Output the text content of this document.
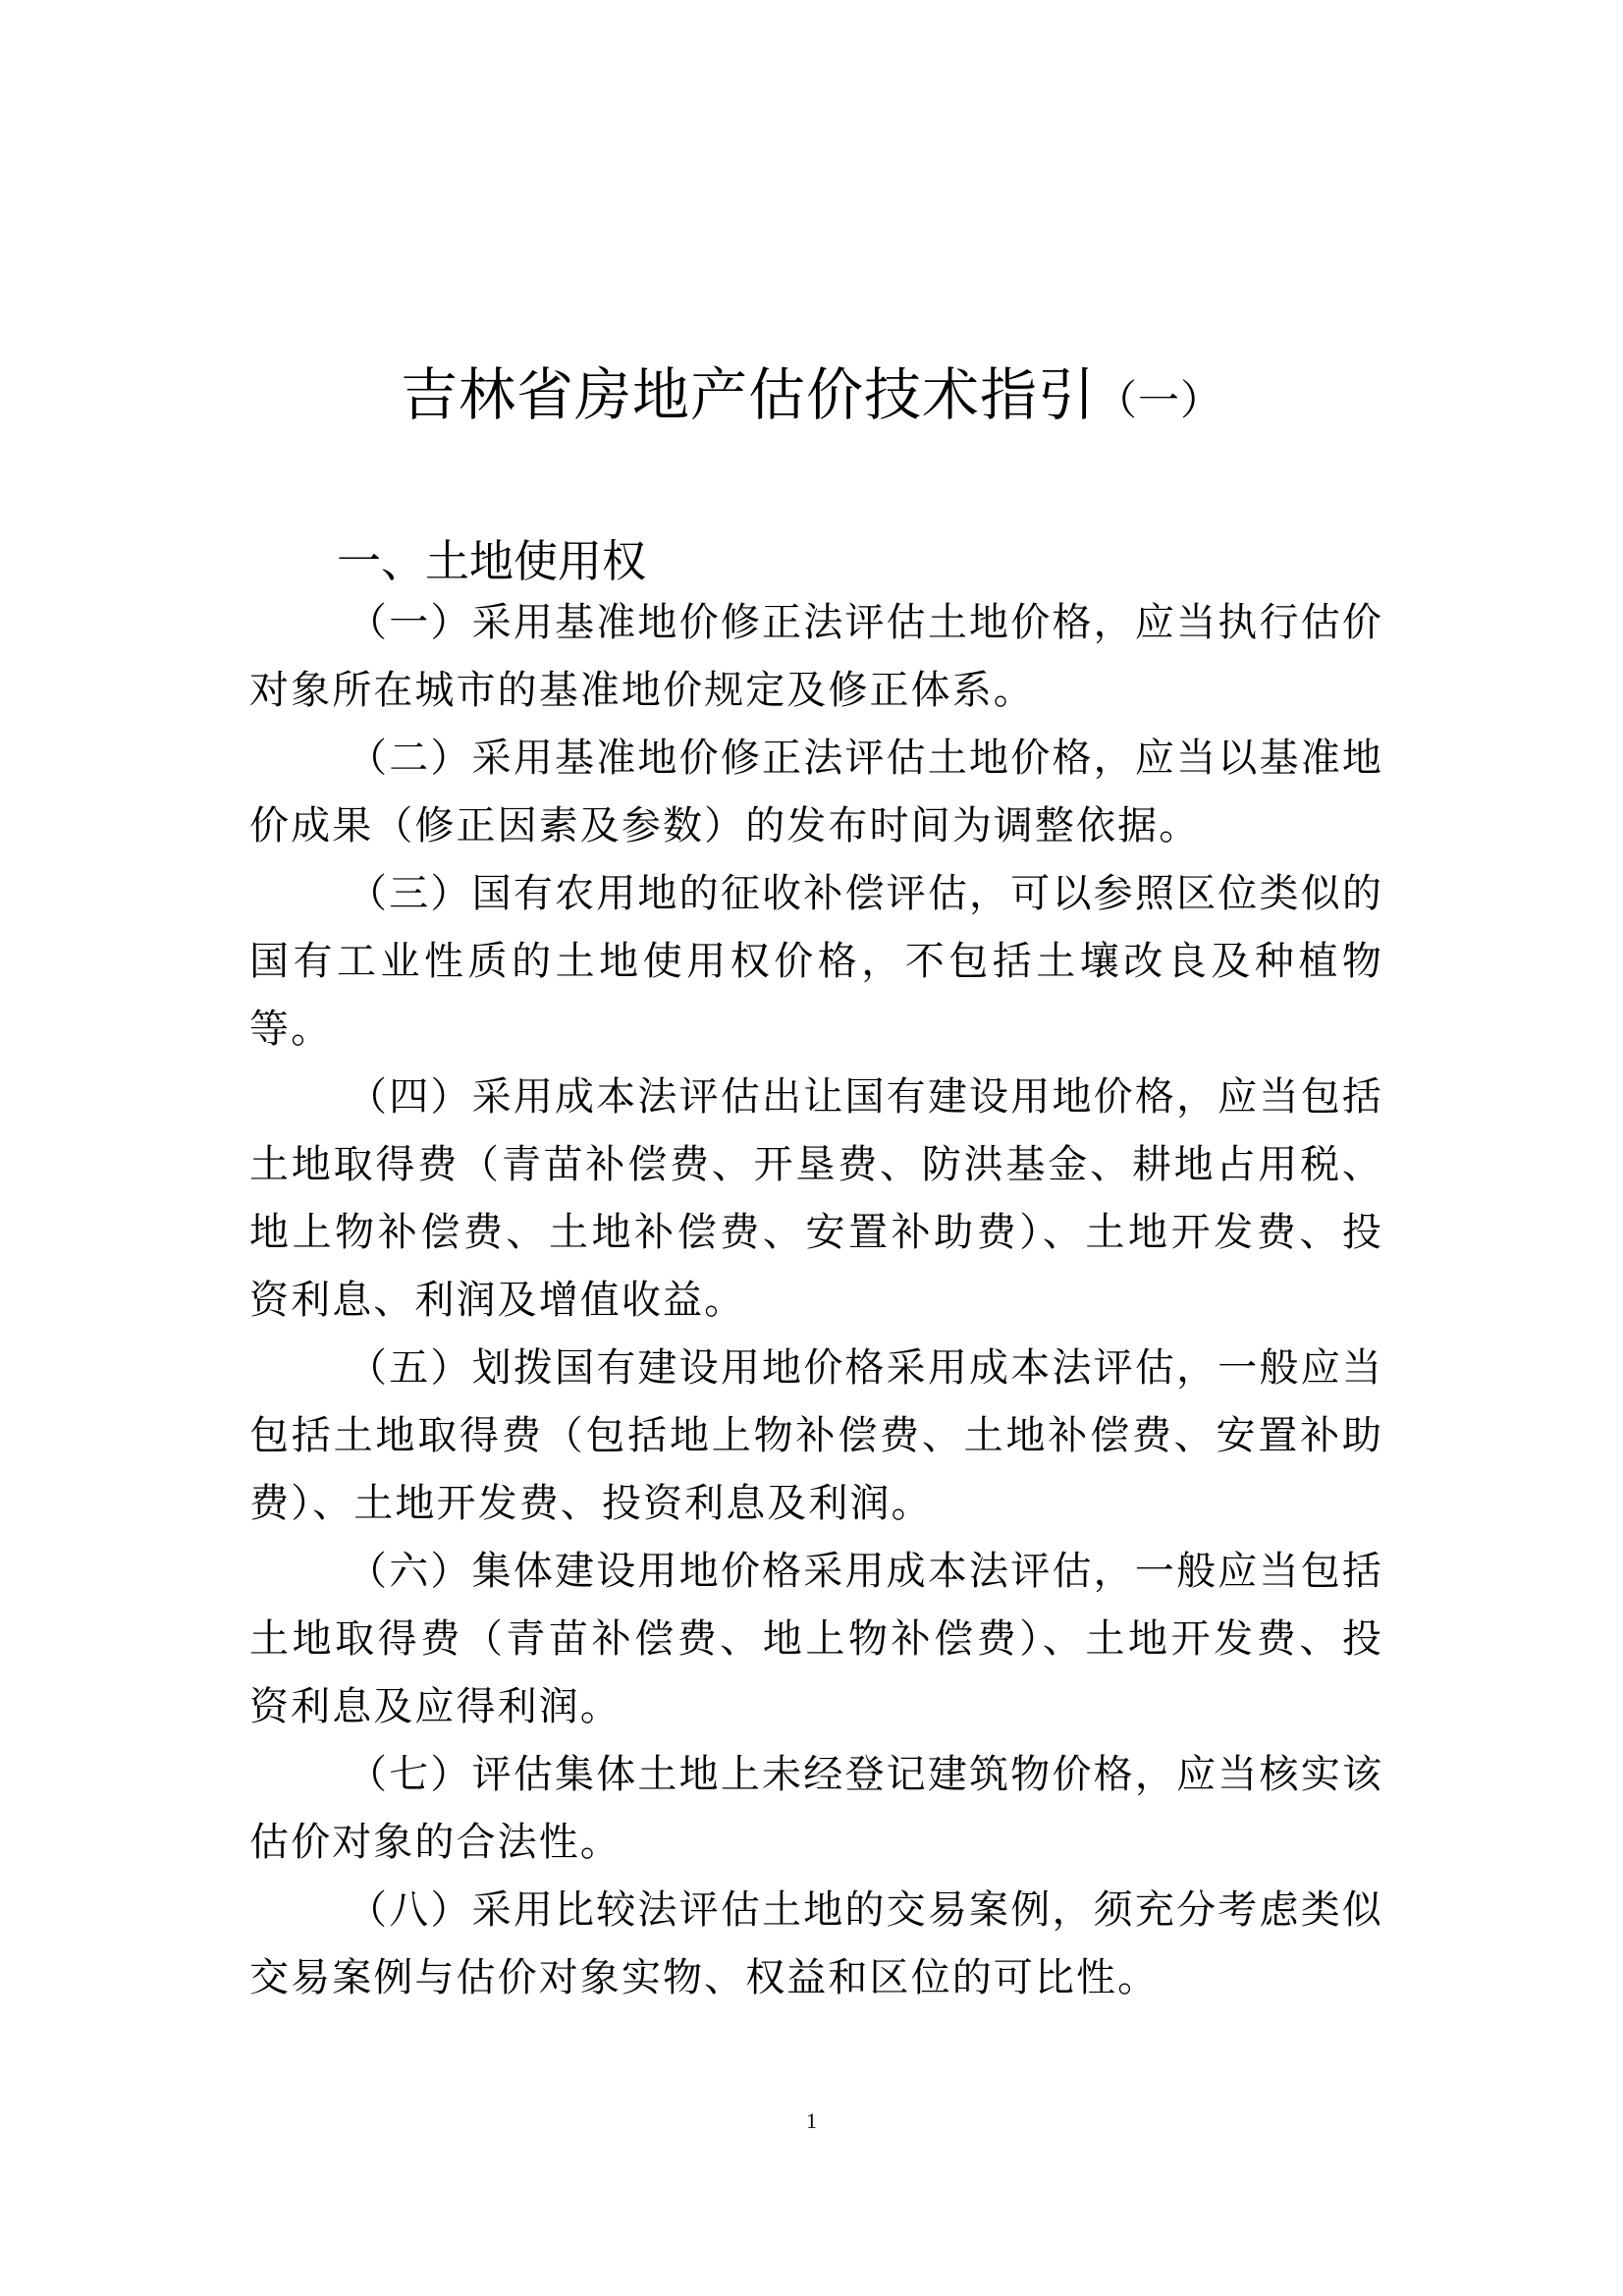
吉林省房地产估价技术指引（一）
一、土地使用权

（一）采用基准地价修正法评估土地价格，应当执行估价对象所在城市的基准地价规定及修正体系。

（二）采用基准地价修正法评估土地价格，应当以基准地价成果（修正因素及参数）的发布时间为调整依据。

（三）国有农用地的征收补偿评估，可以参照区位类似的国有工业性质的土地使用权价格，不包括土壤改良及种植物等。

（四）采用成本法评估出让国有建设用地价格，应当包括土地取得费（青苗补偿费、开垦费、防洪基金、耕地占用税、地上物补偿费、土地补偿费、安置补助费）、土地开发费、投资利息、利润及增值收益。

（五）划拨国有建设用地价格采用成本法评估，一般应当包括土地取得费（包括地上物补偿费、土地补偿费、安置补助费）、土地开发费、投资利息及利润。

（六）集体建设用地价格采用成本法评估，一般应当包括土地取得费（青苗补偿费、地上物补偿费）、土地开发费、投资利息及应得利润。

（七）评估集体土地上未经登记建筑物价格，应当核实该估价对象的合法性。

（八）采用比较法评估土地的交易案例，须充分考虑类似交易案例与估价对象实物、权益和区位的可比性。

1
